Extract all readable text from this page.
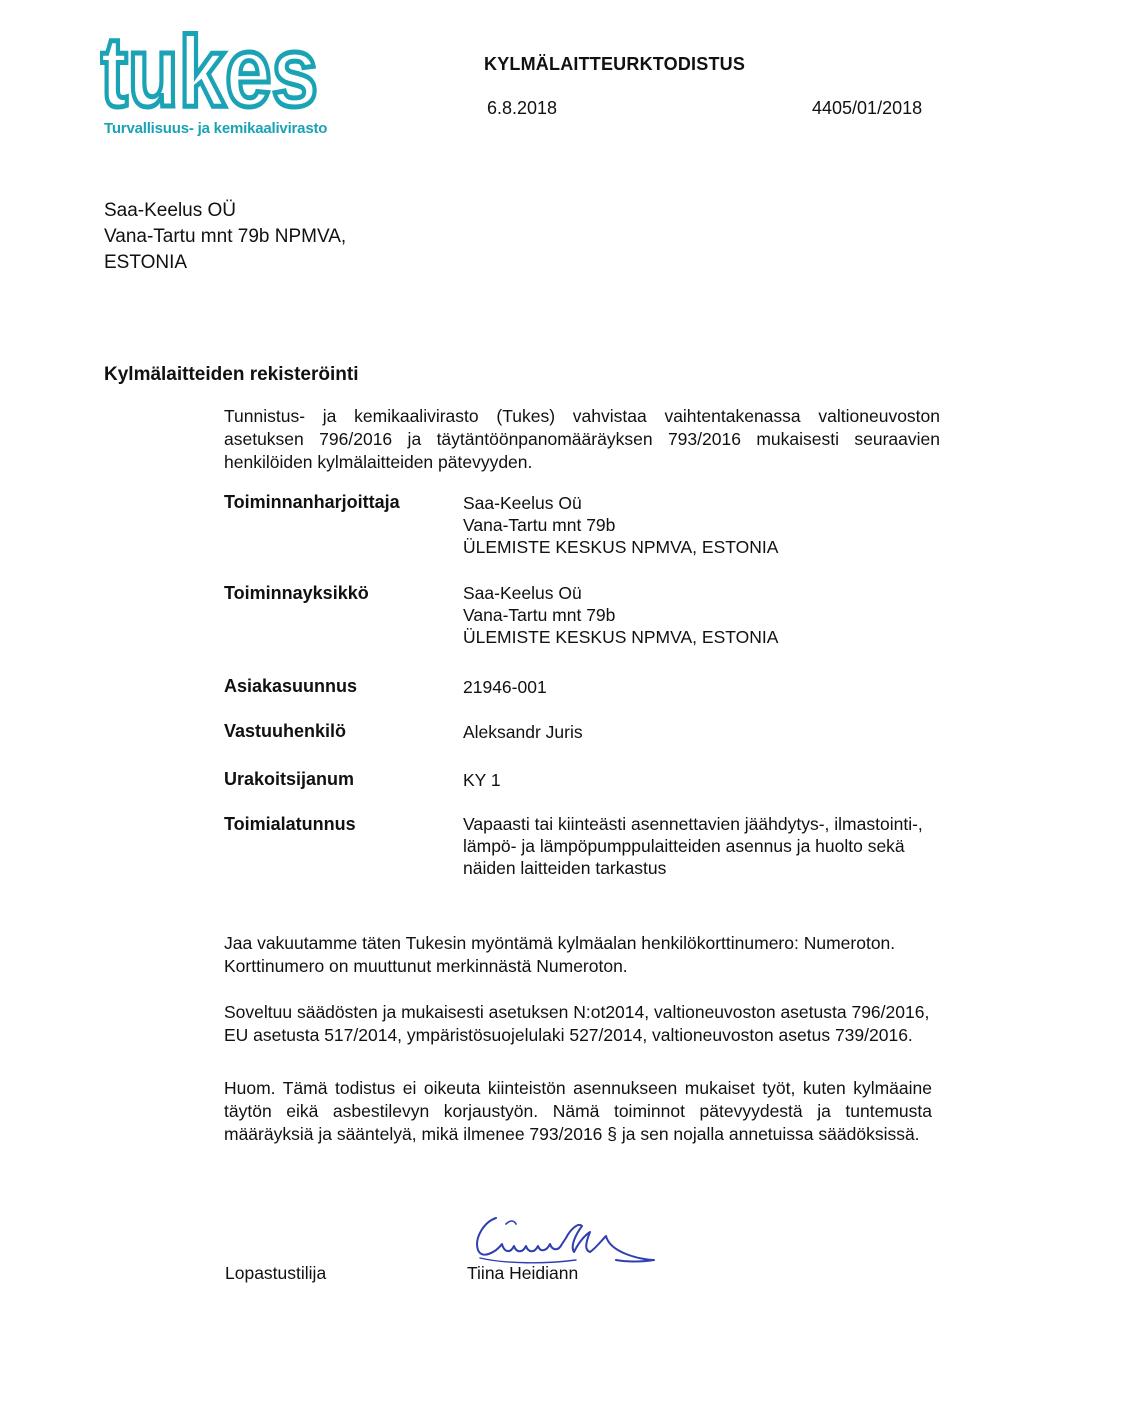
tukes
Turvallisuus- ja kemikaalivirasto
KYLMÄLAITTEURKTODISTUS
6.8.2018	4405/01/2018
Saa-Keelus OÜ
Vana-Tartu mnt 79b NPMVA,
ESTONIA
Kylmälaitteiden rekisteröinti
Tunnistus- ja kemikaalivirasto (Tukes) vahvistaa vaihtentakenassa valtioneuvoston asetuksen 796/2016 ja täytäntöönpanomääräyksen 793/2016 mukaisesti seuraavien henkilöiden kylmälaitteiden pätevyyden.
Toiminnanharjoittaja	Saa-Keelus Oü
Vana-Tartu mnt 79b
ÜLEMISTE KESKUS NPMVA, ESTONIA
Toiminnayksikkö	Saa-Keelus Oü
Vana-Tartu mnt 79b
ÜLEMISTE KESKUS NPMVA, ESTONIA
Asiakasuunnus	21946-001
Vastuuhenkilö	Aleksandr Juris
Urakoitsijanum	KY 1
Toimialatunnus	Vapaasti tai kiinteästi asennettavien jäähdytys-, ilmastointi-,
lämpö- ja lämpöpumppulaitteiden asennus ja huolto sekä
näiden laitteiden tarkastus
Jaa vakuutamme täten Tukesin myöntämä kylmäalan henkilökorttinumero: Numeroton.
Korttinumero on muuttunut merkinnästä Numeroton.
Soveltuu säädösten ja mukaisesti asetuksen N:ot2014, valtioneuvoston asetusta 796/2016,
EU asetusta 517/2014, ympäristösuojelulaki 527/2014, valtioneuvoston asetus 739/2016.
Huom. Tämä todistus ei oikeuta kiinteistön asennukseen mukaiset työt, kuten kylmäaine täytön eikä asbestilevyn korjaustyön. Nämä toiminnot pätevyydestä ja tuntemusta määräyksiä ja sääntelyä, mikä ilmenee 793/2016 § ja sen nojalla annetuissa säädöksissä.
Lopastustilija	Tiina Heidiann
